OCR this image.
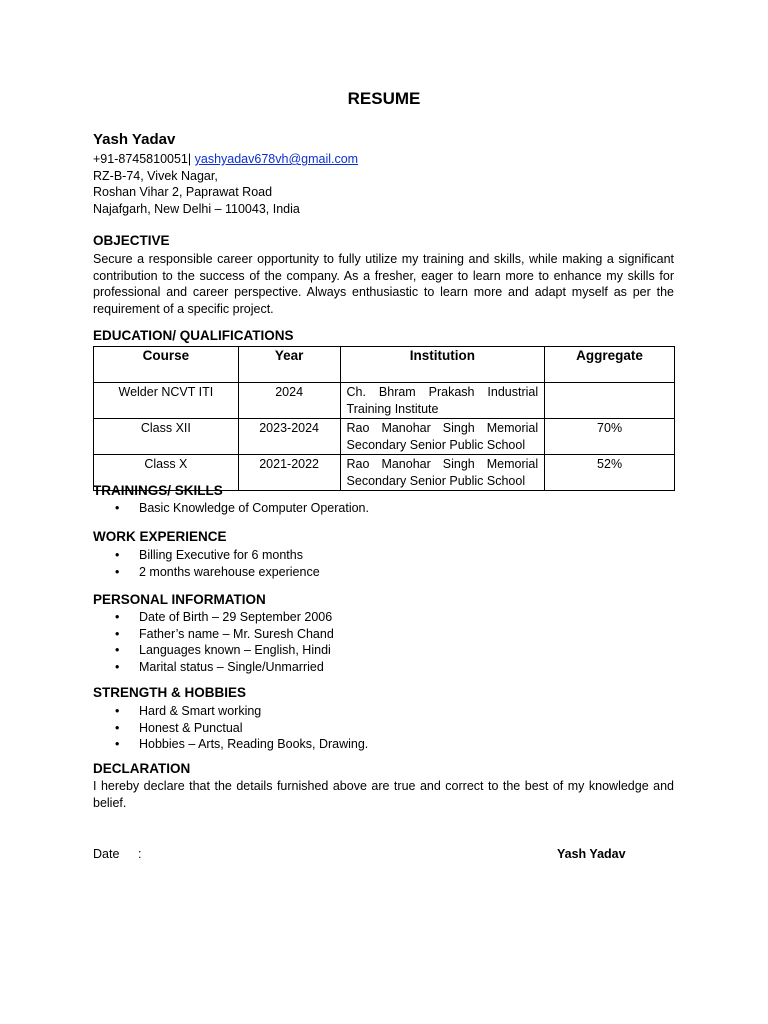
RESUME
Yash Yadav
+91-8745810051| yashyadav678vh@gmail.com
RZ-B-74, Vivek Nagar,
Roshan Vihar 2, Paprawat Road
Najafgarh, New Delhi – 110043, India
OBJECTIVE
Secure a responsible career opportunity to fully utilize my training and skills, while making a significant contribution to the success of the company. As a fresher, eager to learn more to enhance my skills for professional and career perspective. Always enthusiastic to learn more and adapt myself as per the requirement of a specific project.
EDUCATION/ QUALIFICATIONS
Course	Year	Institution	Aggregate
Welder NCVT ITI	2024	Ch. Bhram Prakash Industrial Training Institute	
Class XII	2023-2024	Rao Manohar Singh Memorial Secondary Senior Public School	70%
Class X	2021-2022	Rao Manohar Singh Memorial Secondary Senior Public School	52%
TRAININGS/ SKILLS
• Basic Knowledge of Computer Operation.
WORK EXPERIENCE
• Billing Executive for 6 months
• 2 months warehouse experience
PERSONAL INFORMATION
• Date of Birth – 29 September 2006
• Father’s name – Mr. Suresh Chand
• Languages known – English, Hindi
• Marital status – Single/Unmarried
STRENGTH & HOBBIES
• Hard & Smart working
• Honest & Punctual
• Hobbies – Arts, Reading Books, Drawing.
DECLARATION
I hereby declare that the details furnished above are true and correct to the best of my knowledge and belief.
Date :	Yash Yadav
